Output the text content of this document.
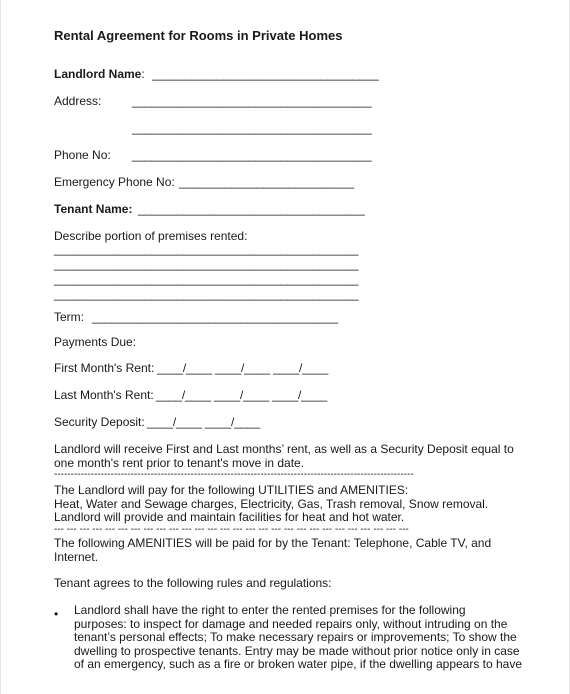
Rental Agreement for Rooms in Private Homes
Landlord Name: ___________________________________
Address:	_____________________________________
_____________________________________
Phone No: _____________________________________
Emergency Phone No: ___________________________
Tenant Name: ___________________________________
Describe portion of premises rented:
_______________________________________________
_______________________________________________
_______________________________________________
_______________________________________________
Term: ______________________________________
Payments Due:
First Month's Rent: ____/____ ____/____ ____/____
Last Month's Rent: ____/____ ____/____ ____/____
Security Deposit: ____/____ ____/____
Landlord will receive First and Last months’ rent, as well as a Security Deposit equal to
one month's rent prior to tenant's move in date.
------------------------------------------------------------------------------------------------------------
The Landlord will pay for the following UTILITIES and AMENITIES:
Heat, Water and Sewage charges, Electricity, Gas, Trash removal, Snow removal.
Landlord will provide and maintain facilities for heat and hot water.
--- --- --- --- --- --- --- --- --- --- --- --- --- --- --- --- --- --- --- --- --- --- --- --- --- --- --- ---
The following AMENITIES will be paid for by the Tenant: Telephone, Cable TV, and
Internet.
Tenant agrees to the following rules and regulations:
• Landlord shall have the right to enter the rented premises for the following
purposes: to inspect for damage and needed repairs only, without intruding on the
tenant’s personal effects; To make necessary repairs or improvements; To show the
dwelling to prospective tenants. Entry may be made without prior notice only in case
of an emergency, such as a fire or broken water pipe, if the dwelling appears to have
